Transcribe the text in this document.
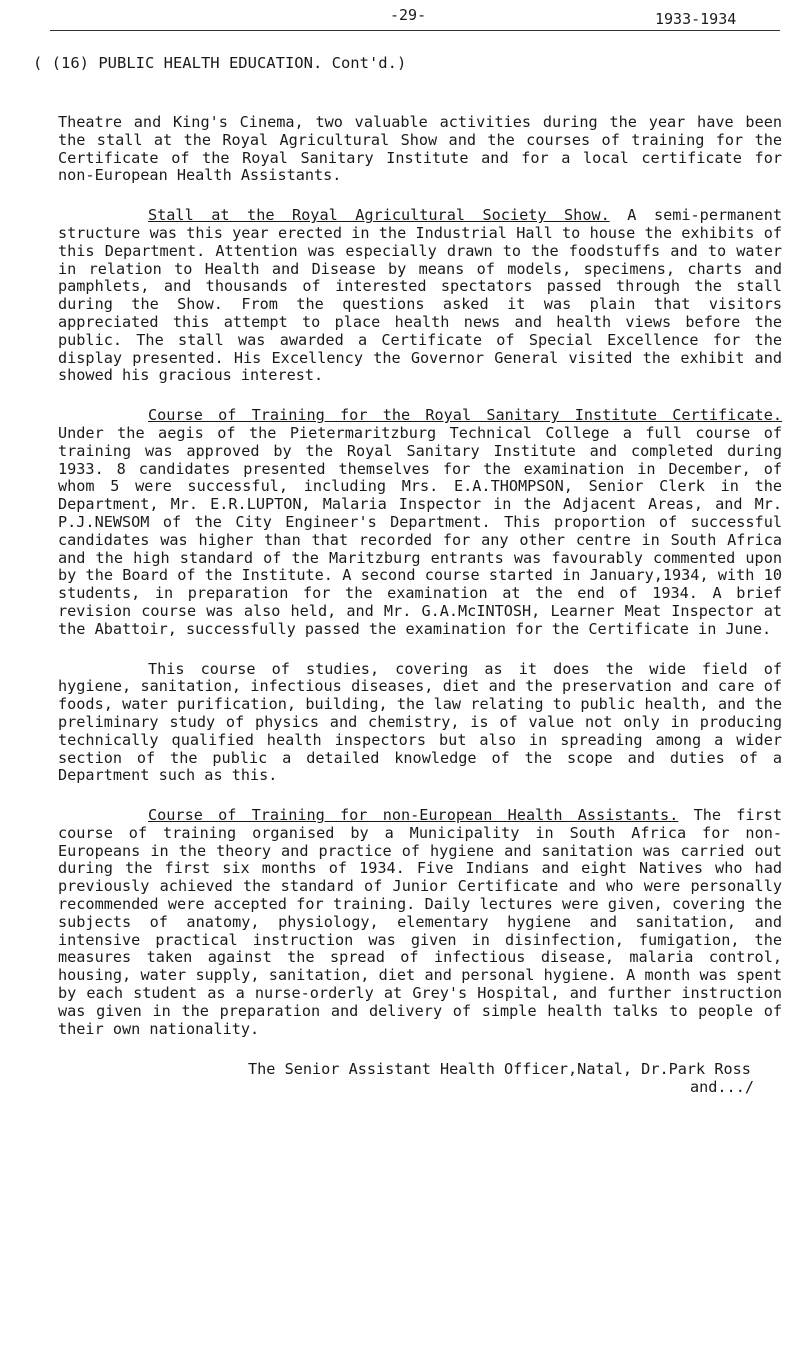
-29-	1933-1934
( (16) PUBLIC HEALTH EDUCATION. Cont'd.)

Theatre and King's Cinema, two valuable activities during the year have been the stall at the Royal Agricultural Show and the courses of training for the Certificate of the Royal Sanitary Institute and for a local certificate for non-European Health Assistants.

Stall at the Royal Agricultural Society Show. A semi-permanent structure was this year erected in the Industrial Hall to house the exhibits of this Department. Attention was especially drawn to the foodstuffs and to water in relation to Health and Disease by means of models, specimens, charts and pamphlets, and thousands of interested spectators passed through the stall during the Show. From the questions asked it was plain that visitors appreciated this attempt to place health news and health views before the public. The stall was awarded a Certificate of Special Excellence for the display presented. His Excellency the Governor General visited the exhibit and showed his gracious interest.

Course of Training for the Royal Sanitary Institute Certificate. Under the aegis of the Pietermaritzburg Technical College a full course of training was approved by the Royal Sanitary Institute and completed during 1933. 8 candidates presented themselves for the examination in December, of whom 5 were successful, including Mrs. E.A.THOMPSON, Senior Clerk in the Department, Mr. E.R.LUPTON, Malaria Inspector in the Adjacent Areas, and Mr. P.J.NEWSOM of the City Engineer's Department. This proportion of successful candidates was higher than that recorded for any other centre in South Africa and the high standard of the Maritzburg entrants was favourably commented upon by the Board of the Institute. A second course started in January,1934, with 10 students, in preparation for the examination at the end of 1934. A brief revision course was also held, and Mr. G.A.McINTOSH, Learner Meat Inspector at the Abattoir, successfully passed the examination for the Certificate in June.

This course of studies, covering as it does the wide field of hygiene, sanitation, infectious diseases, diet and the preservation and care of foods, water purification, building, the law relating to public health, and the preliminary study of physics and chemistry, is of value not only in producing technically qualified health inspectors but also in spreading among a wider section of the public a detailed knowledge of the scope and duties of a Department such as this.

Course of Training for non-European Health Assistants. The first course of training organised by a Municipality in South Africa for non-Europeans in the theory and practice of hygiene and sanitation was carried out during the first six months of 1934. Five Indians and eight Natives who had previously achieved the standard of Junior Certificate and who were personally recommended were accepted for training. Daily lectures were given, covering the subjects of anatomy, physiology, elementary hygiene and sanitation, and intensive practical instruction was given in disinfection, fumigation, the measures taken against the spread of infectious disease, malaria control, housing, water supply, sanitation, diet and personal hygiene. A month was spent by each student as a nurse-orderly at Grey's Hospital, and further instruction was given in the preparation and delivery of simple health talks to people of their own nationality.

The Senior Assistant Health Officer,Natal, Dr.Park Ross

and.../
